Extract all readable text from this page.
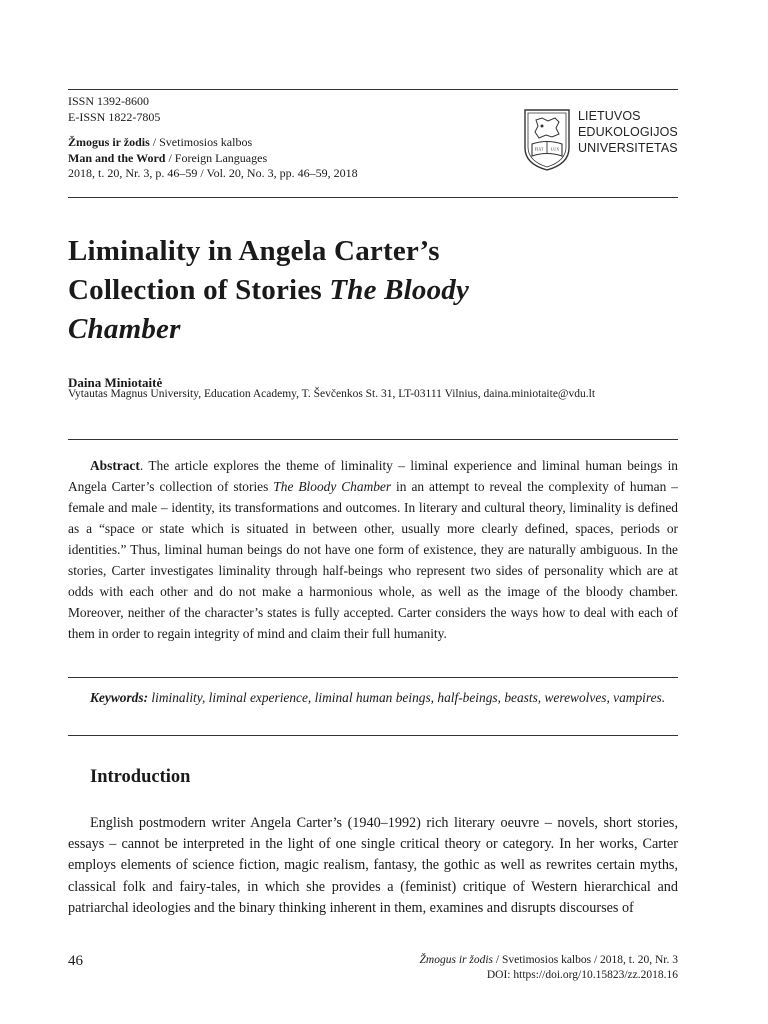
ISSN 1392-8600
E-ISSN 1822-7805
Žmogus ir žodis / Svetimosios kalbos
Man and the Word / Foreign Languages
2018, t. 20, Nr. 3, p. 46–59 / Vol. 20, No. 3, pp. 46–59, 2018
FIAT LUX
LIETUVOS
EDUKOLOGIJOS
UNIVERSITETAS
Liminality in Angela Carter’s
Collection of Stories The Bloody
Chamber
Daina Miniotaitė
Vytautas Magnus University, Education Academy, T. Ševčenkos St. 31, LT-03111 Vilnius, daina.miniotaite@vdu.lt
Abstract. The article explores the theme of liminality – liminal experience and liminal human beings in Angela Carter’s collection of stories The Bloody Chamber in an attempt to reveal the complexity of human – female and male – identity, its transformations and outcomes. In literary and cultural theory, liminality is defined as a “space or state which is situated in between other, usually more clearly defined, spaces, periods or identities.” Thus, liminal human beings do not have one form of existence, they are naturally ambiguous. In the stories, Carter investigates liminality through half-beings who represent two sides of personality which are at odds with each other and do not make a harmonious whole, as well as the image of the bloody chamber. Moreover, neither of the character’s states is fully accepted. Carter considers the ways how to deal with each of them in order to regain integrity of mind and claim their full humanity.
Keywords: liminality, liminal experience, liminal human beings, half-beings, beasts, werewolves, vampires.
Introduction
English postmodern writer Angela Carter’s (1940–1992) rich literary oeuvre – novels, short stories, essays – cannot be interpreted in the light of one single critical theory or category. In her works, Carter employs elements of science fiction, magic realism, fantasy, the gothic as well as rewrites certain myths, classical folk and fairy-tales, in which she provides a (feminist) critique of Western hierarchical and patriarchal ideologies and the binary thinking inherent in them, examines and disrupts discourses of
46	Žmogus ir žodis / Svetimosios kalbos / 2018, t. 20, Nr. 3
DOI: https://doi.org/10.15823/zz.2018.16
